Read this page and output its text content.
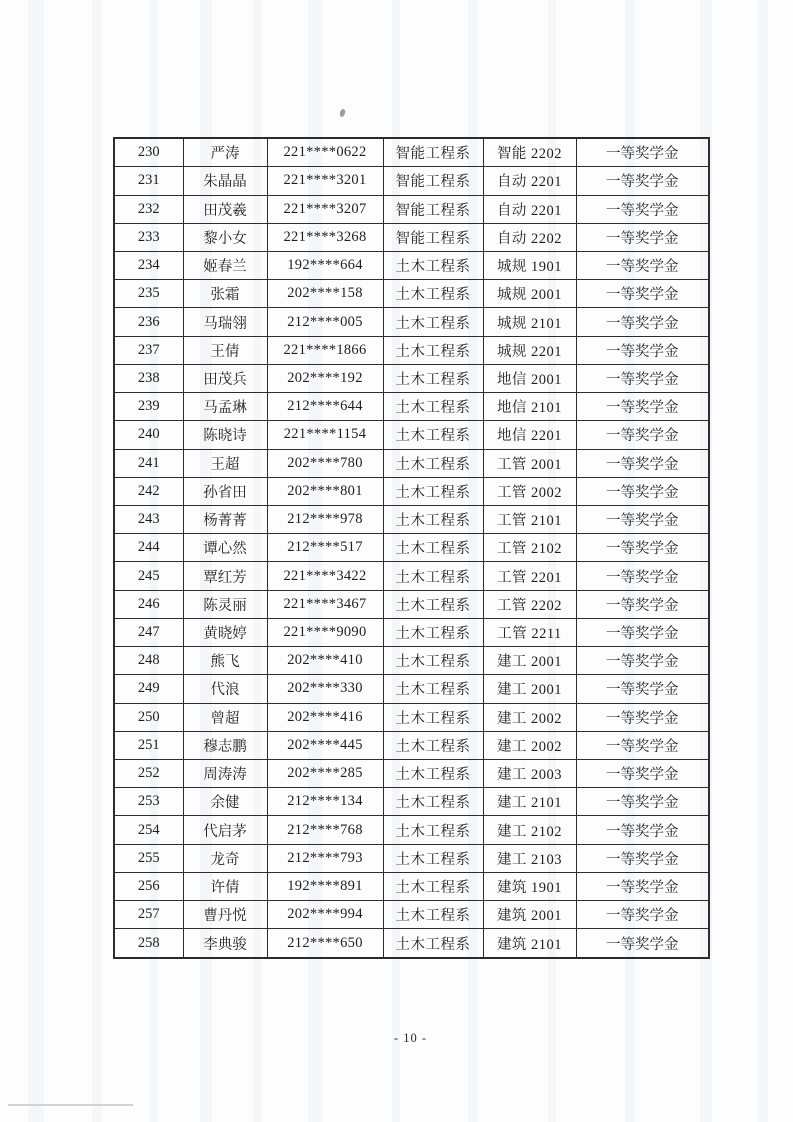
230	严涛	221****0622	智能工程系	智能 2202	一等奖学金
231	朱晶晶	221****3201	智能工程系	自动 2201	一等奖学金
232	田茂羲	221****3207	智能工程系	自动 2201	一等奖学金
233	黎小女	221****3268	智能工程系	自动 2202	一等奖学金
234	姬春兰	192****664	土木工程系	城规 1901	一等奖学金
235	张霜	202****158	土木工程系	城规 2001	一等奖学金
236	马瑞翎	212****005	土木工程系	城规 2101	一等奖学金
237	王倩	221****1866	土木工程系	城规 2201	一等奖学金
238	田茂兵	202****192	土木工程系	地信 2001	一等奖学金
239	马孟琳	212****644	土木工程系	地信 2101	一等奖学金
240	陈晓诗	221****1154	土木工程系	地信 2201	一等奖学金
241	王超	202****780	土木工程系	工管 2001	一等奖学金
242	孙省田	202****801	土木工程系	工管 2002	一等奖学金
243	杨菁菁	212****978	土木工程系	工管 2101	一等奖学金
244	谭心然	212****517	土木工程系	工管 2102	一等奖学金
245	覃红芳	221****3422	土木工程系	工管 2201	一等奖学金
246	陈灵丽	221****3467	土木工程系	工管 2202	一等奖学金
247	黄晓婷	221****9090	土木工程系	工管 2211	一等奖学金
248	熊飞	202****410	土木工程系	建工 2001	一等奖学金
249	代浪	202****330	土木工程系	建工 2001	一等奖学金
250	曾超	202****416	土木工程系	建工 2002	一等奖学金
251	穆志鹏	202****445	土木工程系	建工 2002	一等奖学金
252	周涛涛	202****285	土木工程系	建工 2003	一等奖学金
253	余健	212****134	土木工程系	建工 2101	一等奖学金
254	代启茅	212****768	土木工程系	建工 2102	一等奖学金
255	龙奇	212****793	土木工程系	建工 2103	一等奖学金
256	许倩	192****891	土木工程系	建筑 1901	一等奖学金
257	曹丹悦	202****994	土木工程系	建筑 2001	一等奖学金
258	李典骏	212****650	土木工程系	建筑 2101	一等奖学金
- 10 -
